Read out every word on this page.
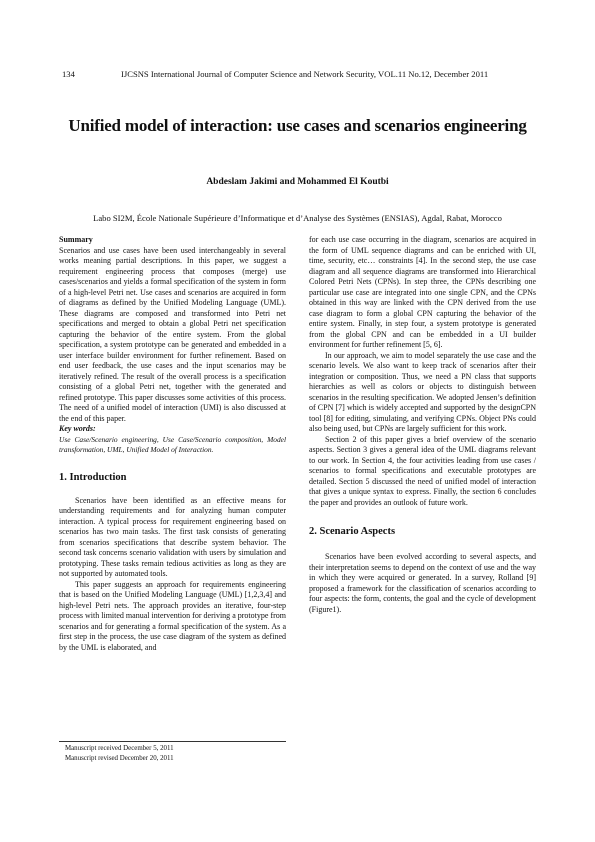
134	IJCSNS International Journal of Computer Science and Network Security, VOL.11 No.12, December 2011
Unified model of interaction: use cases and scenarios engineering
Abdeslam Jakimi and Mohammed El Koutbi
Labo SI2M, École Nationale Supérieure d’Informatique et d’Analyse des Systèmes (ENSIAS), Agdal, Rabat, Morocco

Summary

Scenarios and use cases have been used interchangeably in several works meaning partial descriptions. In this paper, we suggest a requirement engineering process that composes (merge) use cases/scenarios and yields a formal specification of the system in form of a high-level Petri net. Use cases and scenarios are acquired in form of diagrams as defined by the Unified Modeling Language (UML). These diagrams are composed and transformed into Petri net specifications and merged to obtain a global Petri net specification capturing the behavior of the entire system. From the global specification, a system prototype can be generated and embedded in a user interface builder environment for further refinement. Based on end user feedback, the use cases and the input scenarios may be iteratively refined. The result of the overall process is a specification consisting of a global Petri net, together with the generated and refined prototype. This paper discusses some activities of this process. The need of a unified model of interaction (UMI) is also discussed at the end of this paper.

Key words:

Use Case/Scenario engineering, Use Case/Scenario composition, Model transformation, UML, Unified Model of Interaction.

1. Introduction

Scenarios have been identified as an effective means for understanding requirements and for analyzing human computer interaction. A typical process for requirement engineering based on scenarios has two main tasks. The first task consists of generating from scenarios specifications that describe system behavior. The second task concerns scenario validation with users by simulation and prototyping. These tasks remain tedious activities as long as they are not supported by automated tools.

This paper suggests an approach for requirements engineering that is based on the Unified Modeling Language (UML) [1,2,3,4] and high-level Petri nets. The approach provides an iterative, four-step process with limited manual intervention for deriving a prototype from scenarios and for generating a formal specification of the system. As a first step in the process, the use case diagram of the system as defined by the UML is elaborated, and

for each use case occurring in the diagram, scenarios are acquired in the form of UML sequence diagrams and can be enriched with UI, time, security, etc… constraints [4]. In the second step, the use case diagram and all sequence diagrams are transformed into Hierarchical Colored Petri Nets (CPNs). In step three, the CPNs describing one particular use case are integrated into one single CPN, and the CPNs obtained in this way are linked with the CPN derived from the use case diagram to form a global CPN capturing the behavior of the entire system. Finally, in step four, a system prototype is generated from the global CPN and can be embedded in a UI builder environment for further refinement [5, 6].

In our approach, we aim to model separately the use case and the scenario levels. We also want to keep track of scenarios after their integration or composition. Thus, we need a PN class that supports hierarchies as well as colors or objects to distinguish between scenarios in the resulting specification. We adopted Jensen’s definition of CPN [7] which is widely accepted and supported by the designCPN tool [8] for editing, simulating, and verifying CPNs. Object PNs could also being used, but CPNs are largely sufficient for this work.

Section 2 of this paper gives a brief overview of the scenario aspects. Section 3 gives a general idea of the UML diagrams relevant to our work. In Section 4, the four activities leading from use cases / scenarios to formal specifications and executable prototypes are detailed. Section 5 discussed the need of unified model of interaction that gives a unique syntax to express. Finally, the section 6 concludes the paper and provides an outlook of future work.

2. Scenario Aspects

Scenarios have been evolved according to several aspects, and their interpretation seems to depend on the context of use and the way in which they were acquired or generated. In a survey, Rolland [9] proposed a framework for the classification of scenarios according to four aspects: the form, contents, the goal and the cycle of development (Figure1).

Manuscript received December 5, 2011
Manuscript revised December 20, 2011
